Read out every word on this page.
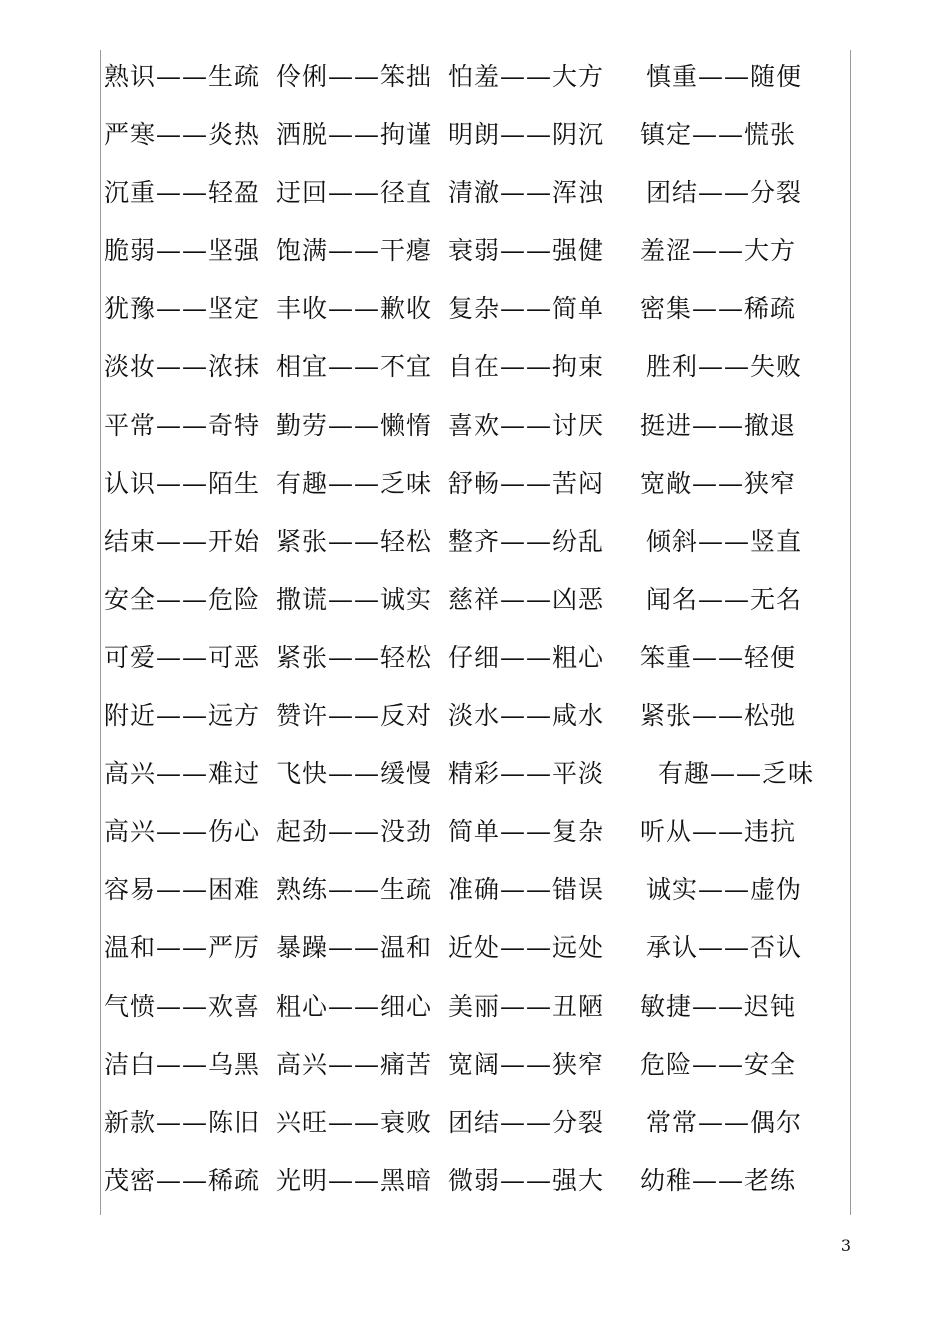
熟识——生疏 伶俐——笨拙 怕羞——大方 慎重——随便
严寒——炎热 洒脱——拘谨 明朗——阴沉 镇定——慌张
沉重——轻盈 迂回——径直 清澈——浑浊 团结——分裂
脆弱——坚强 饱满——干瘪 衰弱——强健 羞涩——大方
犹豫——坚定 丰收——歉收 复杂——简单 密集——稀疏
淡妆——浓抹 相宜——不宜 自在——拘束 胜利——失败
平常——奇特 勤劳——懒惰 喜欢——讨厌 挺进——撤退
认识——陌生 有趣——乏味 舒畅——苦闷 宽敞——狭窄
结束——开始 紧张——轻松 整齐——纷乱 倾斜——竖直
安全——危险 撒谎——诚实 慈祥——凶恶 闻名——无名
可爱——可恶 紧张——轻松 仔细——粗心 笨重——轻便
附近——远方 赞许——反对 淡水——咸水 紧张——松弛
高兴——难过 飞快——缓慢 精彩——平淡 有趣——乏味
高兴——伤心 起劲——没劲 简单——复杂 听从——违抗
容易——困难 熟练——生疏 准确——错误 诚实——虚伪
温和——严厉 暴躁——温和 近处——远处 承认——否认
气愤——欢喜 粗心——细心 美丽——丑陋 敏捷——迟钝
洁白——乌黑 高兴——痛苦 宽阔——狭窄 危险——安全
新款——陈旧 兴旺——衰败 团结——分裂 常常——偶尔
茂密——稀疏 光明——黑暗 微弱——强大 幼稚——老练
3
